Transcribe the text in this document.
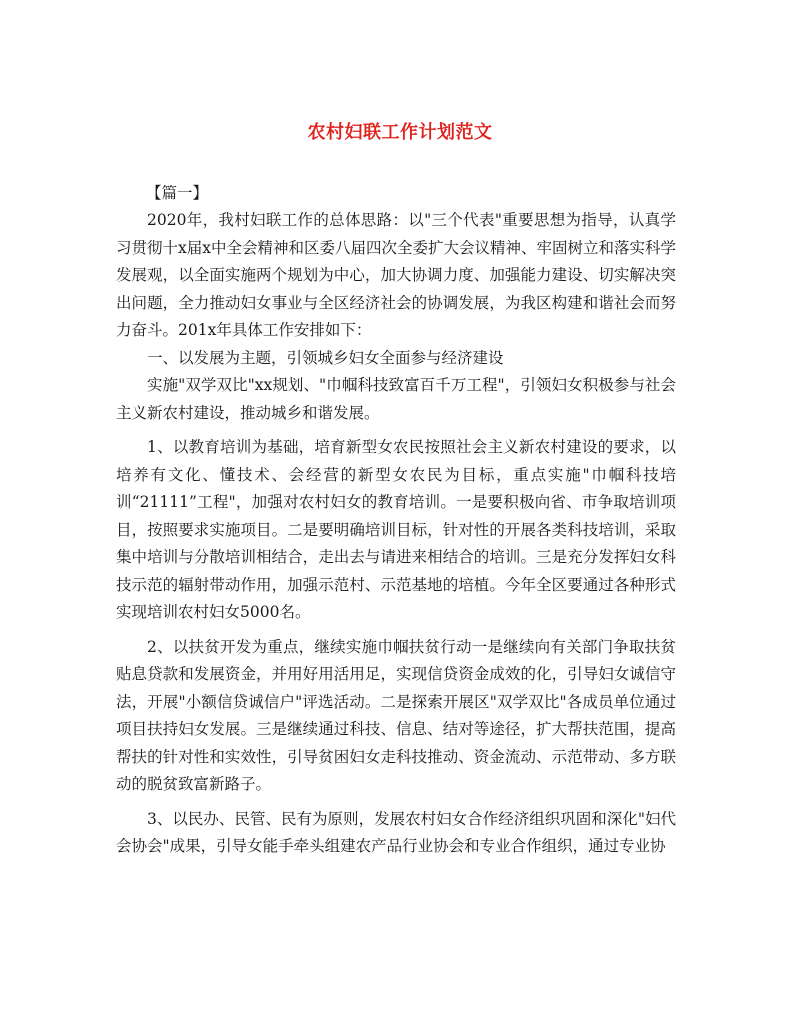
农村妇联工作计划范文
【篇一】

2020年，我村妇联工作的总体思路：以"三个代表"重要思想为指导，认真学习贯彻十x届x中全会精神和区委八届四次全委扩大会议精神、牢固树立和落实科学发展观，以全面实施两个规划为中心，加大协调力度、加强能力建设、切实解决突出问题，全力推动妇女事业与全区经济社会的协调发展，为我区构建和谐社会而努力奋斗。201x年具体工作安排如下：

一、以发展为主题，引领城乡妇女全面参与经济建设

实施"双学双比"xx规划、"巾帼科技致富百千万工程"，引领妇女积极参与社会主义新农村建设，推动城乡和谐发展。

1、以教育培训为基础，培育新型女农民按照社会主义新农村建设的要求，以培养有文化、懂技术、会经营的新型女农民为目标，重点实施"巾帼科技培训“21111”工程"，加强对农村妇女的教育培训。一是要积极向省、市争取培训项目，按照要求实施项目。二是要明确培训目标，针对性的开展各类科技培训，采取集中培训与分散培训相结合，走出去与请进来相结合的培训。三是充分发挥妇女科技示范的辐射带动作用，加强示范村、示范基地的培植。今年全区要通过各种形式实现培训农村妇女5000名。

2、以扶贫开发为重点，继续实施巾帼扶贫行动一是继续向有关部门争取扶贫贴息贷款和发展资金，并用好用活用足，实现信贷资金成效的化，引导妇女诚信守法，开展"小额信贷诚信户"评选活动。二是探索开展区"双学双比"各成员单位通过项目扶持妇女发展。三是继续通过科技、信息、结对等途径，扩大帮扶范围，提高帮扶的针对性和实效性，引导贫困妇女走科技推动、资金流动、示范带动、多方联动的脱贫致富新路子。

3、以民办、民管、民有为原则，发展农村妇女合作经济组织巩固和深化"妇代会协会"成果，引导女能手牵头组建农产品行业协会和专业合作组织，通过专业协
